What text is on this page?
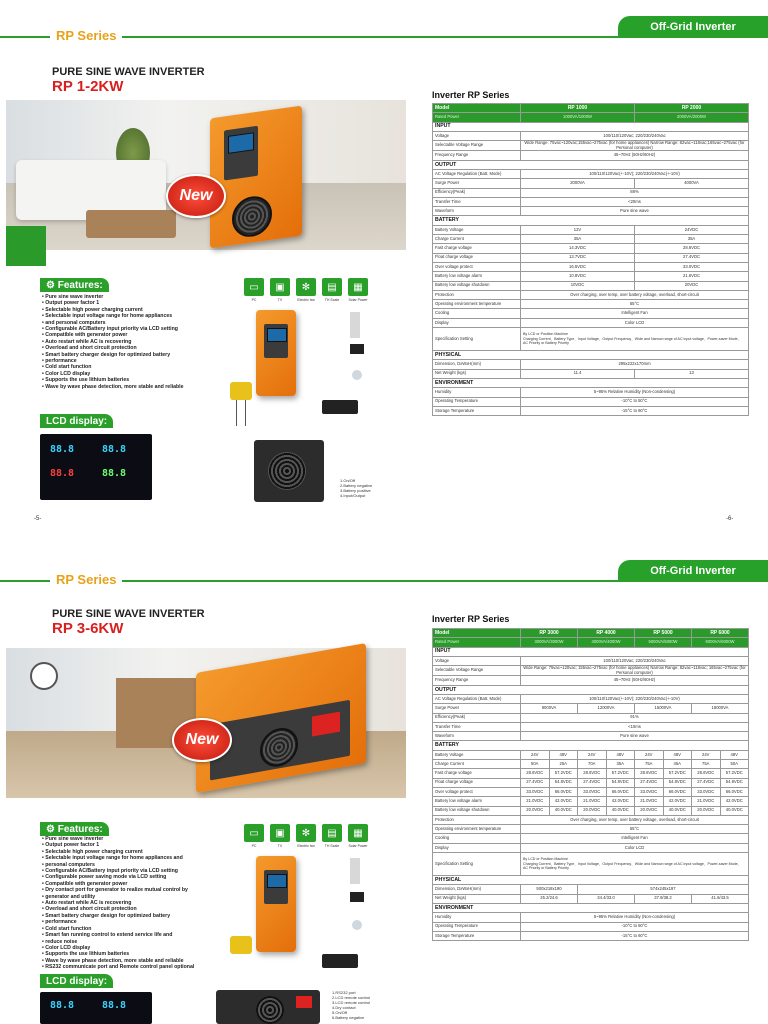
Off-Grid Inverter
RP Series
PURE SINE WAVE INVERTER
RP 1-2KW
New
⚙
Features:
• Pure sine wave inverter
• Output power factor 1
• Selectable high power charging current
• Selectable input voltage range for home appliances
• and personal computers
• Configurable AC/Battery input priority via LCD setting
• Compatible with generator power
• Auto restart while AC is recovering
• Overload and short circuit protection
• Smart battery charger design for optimized battery
• performance
• Cold start function
• Color LCD display
• Supports the use lithium batteries
• Wave by wave phase detection, more stable and reliable
LCD display:
88.8	88.8
88.8	88.8
▭	▣	✻	▤	▦
PC	TV	Electric fan	TH Scale	Solar Power
1.On/Off
2.Battery negative
3.Battery positive
4.Input/Output
-5-	-6-
Inverter RP Series
Model	RP 1000	RP 2000
Rated Power	1000VA/1000W	2000VA/2000W
INPUT		
Voltage	100/110/120Vac; 220/230/240Vac	
Selectable Voltage Range	Wide Range: 75vac~120vac;155vac~275vac (for home appliances) Narrow Range: 82vac~118vac;165vac~275vac (for Personal computer)	
Frequency Range	45~70Hz (50Hz/60Hz)	
OUTPUT		
AC Voltage Regulation (Batt. Mode)	100/110/120Vac(+-10V); 220/230/240Vac(+-10V)	
Surge Power	2000VA	4000VA
Efficiency(Peak)	88%	
Transfer Time	<20ms	
Waveform	Pure sine wave	
BATTERY		
Battery Voltage	12V	24VDC
Charge Current	35A	35A
Fast charge voltage	14.3VDC	28.6VDC
Float charge voltage	13.7VDC	27.4VDC
Over voltage protect	16.5VDC	33.0VDC
Battery low voltage alarm	10.8VDC	21.6VDC
Battery low voltage shutdown	10VDC	20VDC
Protection	Over charging, over temp, over battery voltage, overload, short-circuit	
Operating environment temperature	55°C	
Cooling	Intelligent Fan	
Display	Color LCD	
Specification Setting	By LCD or Position Machine
Charging Current、Battery Type、Input Voltage、Output Frequency、Wide and Narrow range of AC input voltage、Power-saver Mode、AC Priority or Battery Priority	
PHYSICAL		
Dimension, DxWxH(mm)	295x222x170mm	
Net Weight (kgs)	11.4	13
ENVIRONMENT		
Humidity	5~95% Relative Humidity (Non-condensing)	
Operating Temperature	-10°C to 50°C	
Storage Temperature	-15°C to 60°C	
Off-Grid Inverter
RP Series
PURE SINE WAVE INVERTER
RP 3-6KW
New
⚙
Features:
• Pure sine wave inverter
• Output power factor 1
• Selectable high power charging current
• Selectable input voltage range for home appliances and
• personal computers
• Configurable AC/Battery input priority via LCD setting
• Configurable power saving mode via LCD setting
• Compatible with generator power
• Dry contact port for generator to realize mutual control by
• generator and utility
• Auto restart while AC is recovering
• Overload and short circuit protection
• Smart battery charger design for optimized battery
• performance
• Cold start function
• Smart fan running control to extend service life and
• reduce noise
• Color LCD display
• Supports the use lithium batteries
• Wave by wave phase detection, more stable and reliable
• RS232 communicate port and Remote control panel optional
LCD display:
88.8	88.8
▭	▣	✻	▤	▦
PC	TV	Electric fan	TH Scale	Solar Power
1.RS232 port
2.LCD remote control
3.LCD remote control
4.Dry contact
5.On/Off
6.Battery negative
Inverter RP Series
Model	RP 3000		RP 4000		RP 5000		RP 6000	
Rated Power	3000VA/3000W		4000VA/4000W		5000VA/5000W		6000VA/6000W	
INPUT								
Voltage	100/110/120Vac; 220/230/240Vac							
Selectable Voltage Range	Wide Range: 75vac~120vac; 155vac~275vac (for home appliances) Narrow Range: 82vac~118vac; 165vac~275vac (for Personal computer)							
Frequency Range	45~70Hz (50Hz/60Hz)							
OUTPUT								
AC Voltage Regulation (Batt. Mode)	100/110/120Vac(+-10V); 220/230/240Vac(+-10V)							
Surge Power	9000VA		12000VA		15000VA		18000VA	
Efficiency(Peak)	91%							
Transfer Time	<10ms							
Waveform	Pure sine wave							
BATTERY								
Battery Voltage	24V	48V	24V	48V	24V	48V	24V	48V
Charge Current	50A	25A	70A	35A	75A	45A	75A	50A
Fast charge voltage	28.6VDC	57.2VDC	28.6VDC	57.2VDC	28.6VDC	57.2VDC	28.6VDC	57.2VDC
Float charge voltage	27.4VDC	54.8VDC	27.4VDC	54.8VDC	27.4VDC	54.8VDC	27.4VDC	54.8VDC
Over voltage protect	33.0VDC	66.0VDC	33.0VDC	66.0VDC	33.0VDC	66.0VDC	33.0VDC	66.0VDC
Battery low voltage alarm	21.0VDC	42.0VDC	21.0VDC	42.0VDC	21.0VDC	42.0VDC	21.0VDC	42.0VDC
Battery low voltage shutdown	20.0VDC	40.0VDC	20.0VDC	40.0VDC	20.0VDC	40.0VDC	20.0VDC	40.0VDC
Protection	Over charging, over temp, over battery voltage, overload, short-circuit							
Operating environment temperature	55°C							
Cooling	Intelligent Fan							
Display	Color LCD							
Specification Setting	By LCD or Position Machine
Charging Current、Battery Type、Input Voltage、Output Frequency、Wide and Narrow range of AC input voltage、Power-saver Mode、AC Priority or Battery Priority							
PHYSICAL								
Dimension, DxWxH(mm)	500x218x190		574x245x197					
Net Weight (kgs)	25.2/24.6		34.4/33.0		37.9/38.2		41.6/43.5	
ENVIRONMENT								
Humidity	5~95% Relative Humidity (Non-condensing)							
Operating Temperature	-10°C to 50°C							
Storage Temperature	-15°C to 60°C							
